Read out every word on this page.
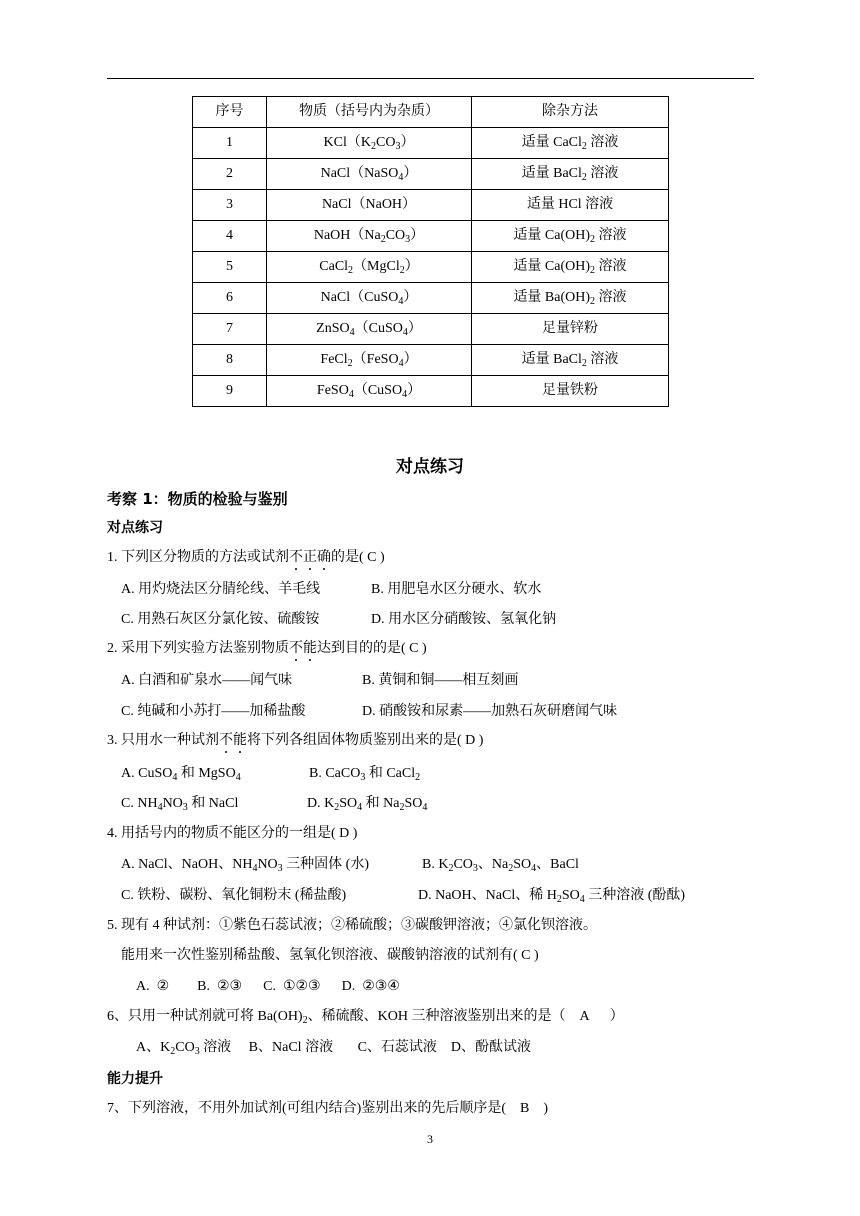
序号	物质（括号内为杂质）	除杂方法
1	$KCl(K_2CO_3)$	适量 CaCl$_2$ 溶液
2	NaCl（NaSO$_4$）	适量 BaCl$_2$ 溶液
3	NaCl（NaOH）	适量 HCl 溶液
4	$NaOH(Na_2CO_3)$	适量 $Ca(OH)_2$ 溶液
5	CaCl$_2$（MgCl$_2$）	适量 $Ca(OH)_2$ 溶液
6	NaCl（CuSO$_4$）	适量 $Ba(OH)_2$ 溶液
7	ZnSO$_4$（CuSO$_4$）	足量锌粉
8	FeCl$_2$（FeSO$_4$）	适量 BaCl$_2$ 溶液
9	FeSO$_4$（CuSO$_4$）	足量铁粉
对点练习
考察 1：物质的检验与鉴别
对点练习
1. 下列区分物质的方法或试剂不正确的是( C )
A. 用灼烧法区分腈纶线、羊毛线	B. 用肥皂水区分硬水、软水
C. 用熟石灰区分氯化铵、硫酸铵	D. 用水区分硝酸铵、氢氧化钠
2. 采用下列实验方法鉴别物质不能达到目的的是( C )
A. 白酒和矿泉水——闻气味	B. 黄铜和铜——相互刻画
C. 纯碱和小苏打——加稀盐酸	D. 硝酸铵和尿素——加熟石灰研磨闻气味
3. 只用水一种试剂不能将下列各组固体物质鉴别出来的是( D )
A. CuSO$_4$ 和 MgSO$_4$	B. CaCO$_3$ 和 CaCl$_2$
C. $NH_4NO_3$ 和 NaCl	D. $K_2SO_4$ 和 $Na_2SO_4$
4. 用括号内的物质不能区分的一组是( D )
A. NaCl、NaOH、$NH_4NO_3$ 三种固体 (水)	B. $K_2CO_3$、$Na_2SO_4$、BaCl
C. 铁粉、碳粉、氧化铜粉末 (稀盐酸)	D. NaOH、NaCl、稀 $H_2SO_4$ 三种溶液 (酚酞)
5. 现有 4 种试剂：①紫色石蕊试液；②稀硫酸；③碳酸钾溶液；④氯化钡溶液。
能用来一次性鉴别稀盐酸、氢氧化钡溶液、碳酸钠溶液的试剂有( C )
A.  ②        B.  ②③      C.  ①②③      D.  ②③④
6、只用一种试剂就可将 $Ba(OH)_2$、稀硫酸、KOH 三种溶液鉴别出来的是（    A      ）
A、$K_2CO_3$ 溶液     B、NaCl 溶液       C、石蕊试液    D、酚酞试液
能力提升
7、下列溶液，不用外加试剂(可组内结合)鉴别出来的先后顺序是(    B    )
3
